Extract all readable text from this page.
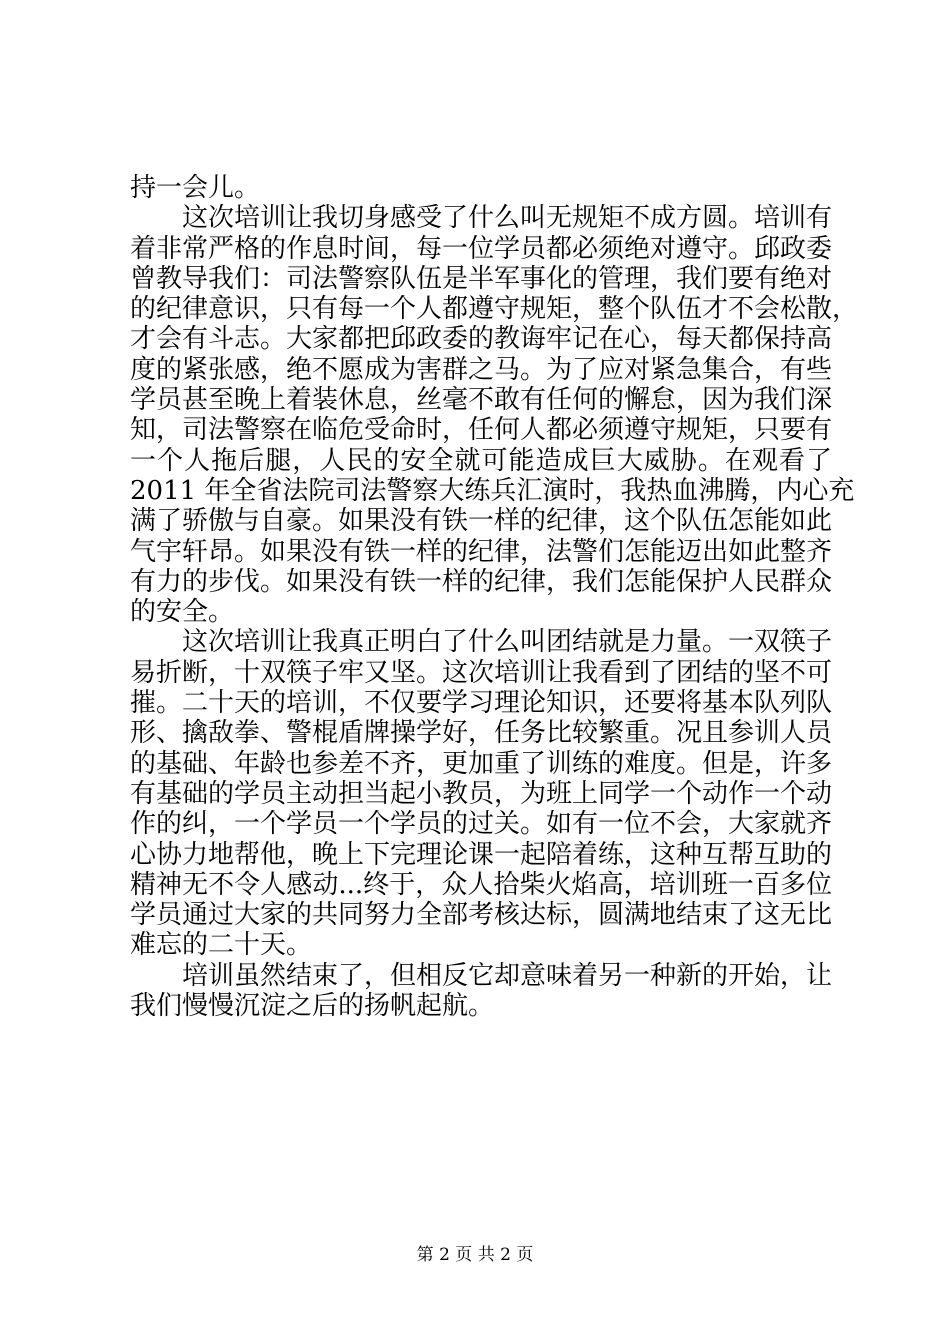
持一会儿。
这次培训让我切身感受了什么叫无规矩不成方圆。培训有
着非常严格的作息时间，每一位学员都必须绝对遵守。邱政委
曾教导我们：司法警察队伍是半军事化的管理，我们要有绝对
的纪律意识，只有每一个人都遵守规矩，整个队伍才不会松散，
才会有斗志。大家都把邱政委的教诲牢记在心，每天都保持高
度的紧张感，绝不愿成为害群之马。为了应对紧急集合，有些
学员甚至晚上着装休息，丝毫不敢有任何的懈怠，因为我们深
知，司法警察在临危受命时，任何人都必须遵守规矩，只要有
一个人拖后腿，人民的安全就可能造成巨大威胁。在观看了
2011 年全省法院司法警察大练兵汇演时，我热血沸腾，内心充
满了骄傲与自豪。如果没有铁一样的纪律，这个队伍怎能如此
气宇轩昂。如果没有铁一样的纪律，法警们怎能迈出如此整齐
有力的步伐。如果没有铁一样的纪律，我们怎能保护人民群众
的安全。
这次培训让我真正明白了什么叫团结就是力量。一双筷子
易折断，十双筷子牢又坚。这次培训让我看到了团结的坚不可
摧。二十天的培训，不仅要学习理论知识，还要将基本队列队
形、擒敌拳、警棍盾牌操学好，任务比较繁重。况且参训人员
的基础、年龄也参差不齐，更加重了训练的难度。但是，许多
有基础的学员主动担当起小教员，为班上同学一个动作一个动
作的纠，一个学员一个学员的过关。如有一位不会，大家就齐
心协力地帮他，晚上下完理论课一起陪着练，这种互帮互助的
精神无不令人感动...终于，众人拾柴火焰高，培训班一百多位
学员通过大家的共同努力全部考核达标，圆满地结束了这无比
难忘的二十天。
培训虽然结束了，但相反它却意味着另一种新的开始，让
我们慢慢沉淀之后的扬帆起航。
第 2 页 共 2 页
